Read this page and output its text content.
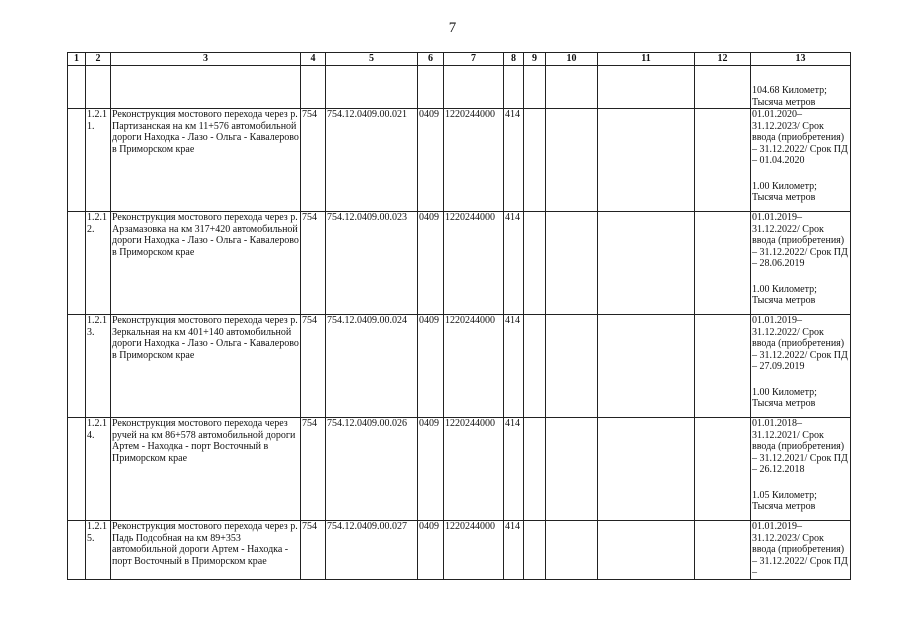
7
1	2	3	4	5	6	7	8	9	10	11	12	13
												104.68 Километр; Тысяча метров
	1.2.1 1.	Реконструкция мостового перехода через р. Партизанская на км 11+576 автомобильной дороги Находка - Лазо - Ольга - Кавалерово в Приморском крае	754	754.12.0409.00.021	0409	1220244000	414					01.01.2020–31.12.2023/ Срок ввода (приобретения) – 31.12.2022/ Срок ПД – 01.04.2020
1.00 Километр; Тысяча метров

	1.2.1 2.	Реконструкция мостового перехода через р. Арзамазовка на км 317+420 автомобильной дороги Находка - Лазо - Ольга - Кавалерово в Приморском крае	754	754.12.0409.00.023	0409	1220244000	414					01.01.2019–31.12.2022/ Срок ввода (приобретения) – 31.12.2022/ Срок ПД – 28.06.2019
1.00 Километр; Тысяча метров

	1.2.1 3.	Реконструкция мостового перехода через р. Зеркальная на км 401+140 автомобильной дороги Находка - Лазо - Ольга - Кавалерово в Приморском крае	754	754.12.0409.00.024	0409	1220244000	414					01.01.2019–31.12.2022/ Срок ввода (приобретения) – 31.12.2022/ Срок ПД – 27.09.2019
1.00 Километр; Тысяча метров

	1.2.1 4.	Реконструкция мостового перехода через ручей на км 86+578 автомобильной дороги Артем - Находка - порт Восточный в Приморском крае	754	754.12.0409.00.026	0409	1220244000	414					01.01.2018–31.12.2021/ Срок ввода (приобретения) – 31.12.2021/ Срок ПД – 26.12.2018
1.05 Километр; Тысяча метров

	1.2.1 5.	Реконструкция мостового перехода через р. Падь Подсобная на км 89+353 автомобильной дороги Артем - Находка - порт Восточный в Приморском крае	754	754.12.0409.00.027	0409	1220244000	414					01.01.2019–31.12.2023/ Срок ввода (приобретения) – 31.12.2022/ Срок ПД –
